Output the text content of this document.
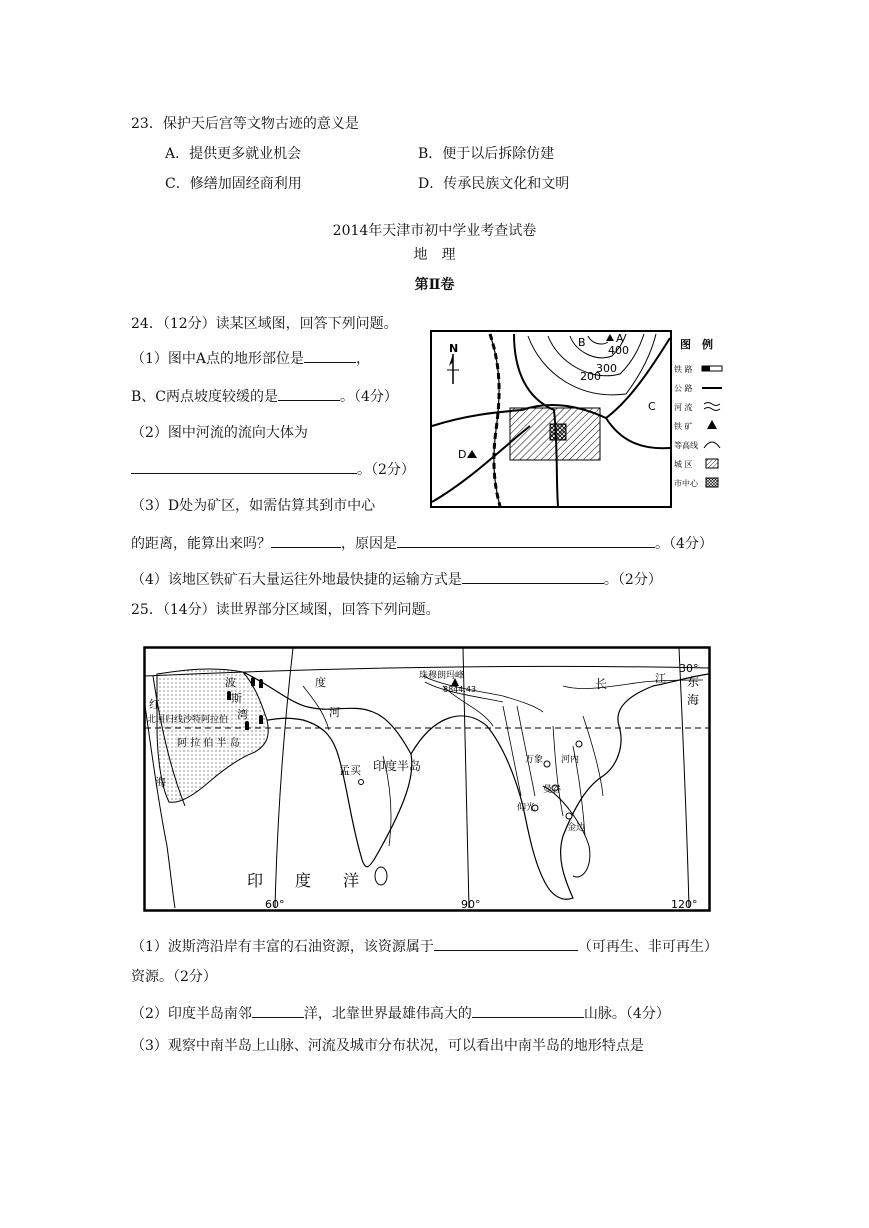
23．保护天后宫等文物古迹的意义是
A．提供更多就业机会	B．便于以后拆除仿建
C．修缮加固经商利用	D．传承民族文化和文明
2014年天津市初中学业考查试卷
地　理
第Ⅱ卷
24．（12分）读某区域图，回答下列问题。
（1）图中A点的地形部位是	，
B、C两点坡度较缓的是	。（4分）
（2）图中河流的流向大体为
。（2分）
（3）D处为矿区，如需估算其到市中心
的距离，能算出来吗？	，原因是	。（4分）
（4）该地区铁矿石大量运往外地最快捷的运输方式是	。（2分）
200
300
400
B	A
C
D
N	图　例
铁 路
公 路
河 流
铁 矿
等高线
城 区
市中心
25．（14分）读世界部分区域图，回答下列问题。
波
斯
湾
北回归线沙特阿拉伯
阿 拉 伯 半 岛
红
海
度
河
珠穆朗玛峰
8844.43	长	江 东
海
30°
印度半岛
孟买
河内
万象
曼谷
仰光
金边
印　　度　　洋
60°	90°	120°
（1）波斯湾沿岸有丰富的石油资源，该资源属于	（可再生、非可再生）
资源。（2分）
（2）印度半岛南邻	洋，北靠世界最雄伟高大的	山脉。（4分）
（3）观察中南半岛上山脉、河流及城市分布状况，可以看出中南半岛的地形特点是
